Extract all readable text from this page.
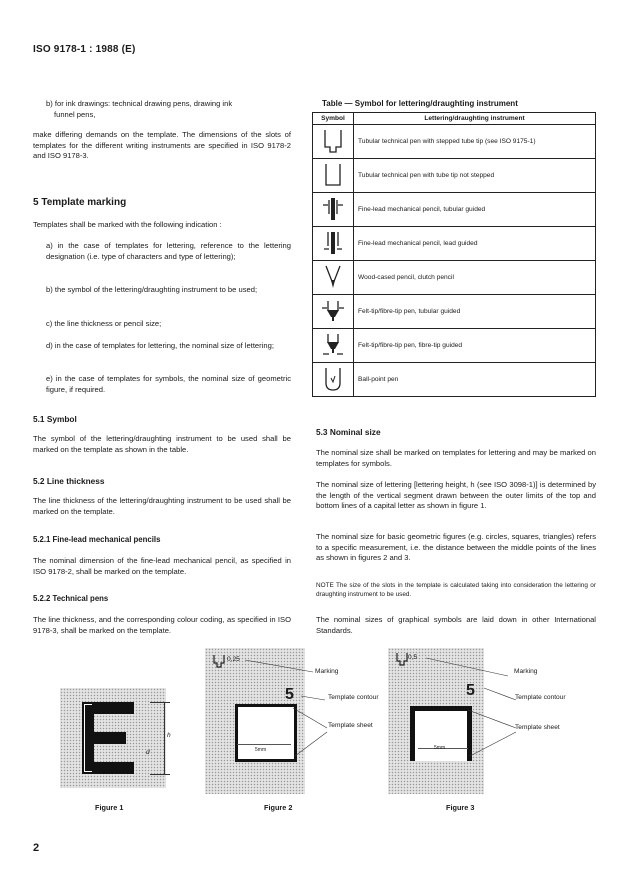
ISO 9178-1 : 1988 (E)
b) for ink drawings: technical drawing pens, drawing ink
funnel pens,

make differing demands on the template. The dimensions of the slots of templates for the different writing instruments are specified in ISO 9178-2 and ISO 9178-3.

5 Template marking

Templates shall be marked with the following indication :

a) in the case of templates for lettering, reference to the lettering designation (i.e. type of characters and type of lettering);

b) the symbol of the lettering/draughting instrument to be used;

c) the line thickness or pencil size;

d) in the case of templates for lettering, the nominal size of lettering;

e) in the case of templates for symbols, the nominal size of geometric figure, if required.

5.1 Symbol

The symbol of the lettering/draughting instrument to be used shall be marked on the template as shown in the table.

5.2 Line thickness

The line thickness of the lettering/draughting instrument to be used shall be marked on the template.

5.2.1 Fine-lead mechanical pencils

The nominal dimension of the fine-lead mechanical pencil, as specified in ISO 9178-2, shall be marked on the template.

5.2.2 Technical pens

The line thickness, and the corresponding colour coding, as specified in ISO 9178-3, shall be marked on the template.

Table — Symbol for lettering/draughting instrument
Symbol	Lettering/draughting instrument
	Tubular technical pen with stepped tube tip (see ISO 9175-1)
	Tubular technical pen with tube tip not stepped
	Fine-lead mechanical pencil, tubular guided
	Fine-lead mechanical pencil, lead guided
	Wood-cased pencil, clutch pencil
	Felt-tip/fibre-tip pen, tubular guided
	Felt-tip/fibre-tip pen, fibre-tip guided
	Ball-point pen
5.3 Nominal size

The nominal size shall be marked on templates for lettering and may be marked on templates for symbols.

The nominal size of lettering [lettering height, h (see ISO 3098-1)] is determined by the length of the vertical segment drawn between the outer limits of the top and bottom lines of a capital letter as shown in figure 1.

The nominal size for basic geometric figures (e.g. circles, squares, triangles) refers to a specific measurement, i.e. the distance between the middle points of the lines as shown in figures 2 and 3.

NOTE The size of the slots in the template is calculated taking into consideration the lettering or draughting instrument to be used.

The nominal sizes of graphical symbols are laid down in other International Standards.

h
d
Figure 1
0,25
5
5mm
Marking
Template contour
Template sheet
Figure 2
0,5
5
5mm
Marking
Template contour
Template sheet
Figure 3
2
